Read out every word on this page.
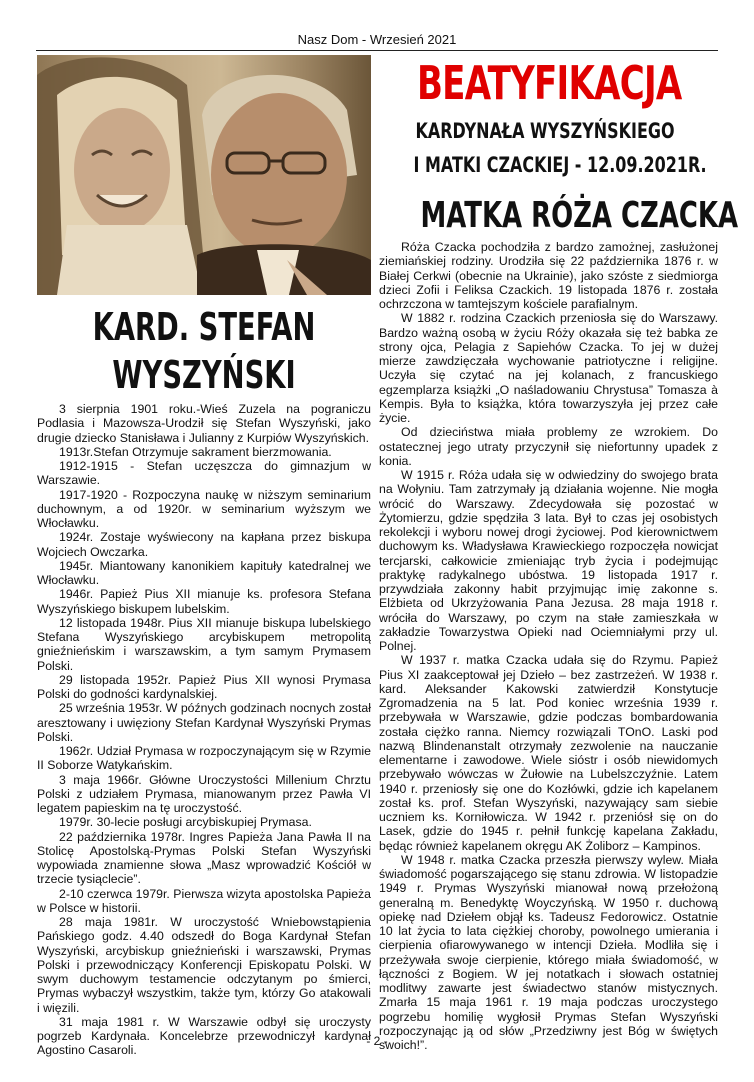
Nasz Dom - Wrzesień 2021
BEATYFIKACJA
KARDYNAŁA WYSZYŃSKIEGO
I MATKI CZACKIEJ - 12.09.2021R.
MATKA RÓŻA CZACKA
KARD. STEFAN
WYSZYŃSKI

3 sierpnia 1901 roku.-Wieś Zuzela na pograniczu Podlasia i Mazowsza-Urodził się Stefan Wyszyński, jako drugie dziecko Stanisława i Julianny z Kurpiów Wyszyńskich.

1913r.Stefan Otrzymuje sakrament bierzmowania.

1912-1915 - Stefan uczęszcza do gimnazjum w Warszawie.

1917-1920 - Rozpoczyna naukę w niższym seminarium duchownym, a od 1920r. w seminarium wyższym we Włocławku.

1924r. Zostaje wyświecony na kapłana przez biskupa Wojciech Owczarka.

1945r. Miantowany kanonikiem kapituły katedralnej we Włocławku.

1946r. Papież Pius XII mianuje ks. profesora Stefana Wyszyńskiego biskupem lubelskim.

12 listopada 1948r. Pius XII mianuje biskupa lubelskiego Stefana Wyszyńskiego arcybiskupem metropolitą gnieźnieńskim i warszawskim, a tym samym Prymasem Polski.

29 listopada 1952r. Papież Pius XII wynosi Prymasa Polski do godności kardynalskiej.

25 września 1953r. W późnych godzinach nocnych został aresztowany i uwięziony Stefan Kardynał Wyszyński Prymas Polski.

1962r. Udział Prymasa w rozpoczynającym się w Rzymie II Soborze Watykańskim.

3 maja 1966r. Główne Uroczystości Millenium Chrztu Polski z udziałem Prymasa, mianowanym przez Pawła VI legatem papieskim na tę uroczystość.

1979r. 30-lecie posługi arcybiskupiej Prymasa.

22 października 1978r. Ingres Papieża Jana Pawła II na Stolicę Apostolską-Prymas Polski Stefan Wyszyński wypowiada znamienne słowa „Masz wprowadzić Kościół w trzecie tysiąclecie”.

2-10 czerwca 1979r. Pierwsza wizyta apostolska Papieża w Polsce w historii.

28 maja 1981r. W uroczystość Wniebowstąpienia Pańskiego godz. 4.40 odszedł do Boga Kardynał Stefan Wyszyński, arcybiskup gnieźnieński i warszawski, Prymas Polski i przewodniczący Konferencji Episkopatu Polski. W swym duchowym testamencie odczytanym po śmierci, Prymas wybaczył wszystkim, także tym, którzy Go atakowali i więzili.

31 maja 1981 r. W Warszawie odbył się uroczysty pogrzeb Kardynała. Koncelebrze przewodniczył kardynał Agostino Casaroli.

Róża Czacka pochodziła z bardzo zamożnej, zasłużonej ziemiańskiej rodziny. Urodziła się 22 października 1876 r. w Białej Cerkwi (obecnie na Ukrainie), jako szóste z siedmiorga dzieci Zofii i Feliksa Czackich. 19 listopada 1876 r. została ochrzczona w tamtejszym kościele parafialnym.

W 1882 r. rodzina Czackich przeniosła się do Warszawy. Bardzo ważną osobą w życiu Róży okazała się też babka ze strony ojca, Pelagia z Sapiehów Czacka. To jej w dużej mierze zawdzięczała wychowanie patriotyczne i religijne. Uczyła się czytać na jej kolanach, z francuskiego egzemplarza książki „O naśladowaniu Chrystusa” Tomasza à Kempis. Była to książka, która towarzyszyła jej przez całe życie.

Od dzieciństwa miała problemy ze wzrokiem. Do ostatecznej jego utraty przyczynił się niefortunny upadek z konia.

W 1915 r. Róża udała się w odwiedziny do swojego brata na Wołyniu. Tam zatrzymały ją działania wojenne. Nie mogła wrócić do Warszawy. Zdecydowała się pozostać w Żytomierzu, gdzie spędziła 3 lata. Był to czas jej osobistych rekolekcji i wyboru nowej drogi życiowej. Pod kierownictwem duchowym ks. Władysława Krawieckiego rozpoczęła nowicjat tercjarski, całkowicie zmieniając tryb życia i podejmując praktykę radykalnego ubóstwa. 19 listopada 1917 r. przywdziała zakonny habit przyjmując imię zakonne s. Elżbieta od Ukrzyżowania Pana Jezusa. 28 maja 1918 r. wróciła do Warszawy, po czym na stałe zamieszkała w zakładzie Towarzystwa Opieki nad Ociemniałymi przy ul. Polnej.

W 1937 r. matka Czacka udała się do Rzymu. Papież Pius XI zaakceptował jej Dzieło – bez zastrzeżeń. W 1938 r. kard. Aleksander Kakowski zatwierdził Konstytucje Zgromadzenia na 5 lat. Pod koniec września 1939 r. przebywała w Warszawie, gdzie podczas bombardowania została ciężko ranna. Niemcy rozwiązali TOnO. Laski pod nazwą Blindenanstalt otrzymały zezwolenie na nauczanie elementarne i zawodowe. Wiele sióstr i osób niewidomych przebywało wówczas w Żułowie na Lubelszczyźnie. Latem 1940 r. przeniosły się one do Kozłówki, gdzie ich kapelanem został ks. prof. Stefan Wyszyński, nazywający sam siebie uczniem ks. Korniłowicza. W 1942 r. przeniósł się on do Lasek, gdzie do 1945 r. pełnił funkcję kapelana Zakładu, będąc również kapelanem okręgu AK Żoliborz – Kampinos.

W 1948 r. matka Czacka przeszła pierwszy wylew. Miała świadomość pogarszającego się stanu zdrowia. W listopadzie 1949 r. Prymas Wyszyński mianował nową przełożoną generalną m. Benedyktę Woyczyńską. W 1950 r. duchową opiekę nad Dziełem objął ks. Tadeusz Fedorowicz. Ostatnie 10 lat życia to lata ciężkiej choroby, powolnego umierania i cierpienia ofiarowywanego w intencji Dzieła. Modliła się i przeżywała swoje cierpienie, którego miała świadomość, w łączności z Bogiem. W jej notatkach i słowach ostatniej modlitwy zawarte jest świadectwo stanów mistycznych. Zmarła 15 maja 1961 r. 19 maja podczas uroczystego pogrzebu homilię wygłosił Prymas Stefan Wyszyński rozpoczynając ją od słów „Przedziwny jest Bóg w świętych swoich!”.

- 2 -
